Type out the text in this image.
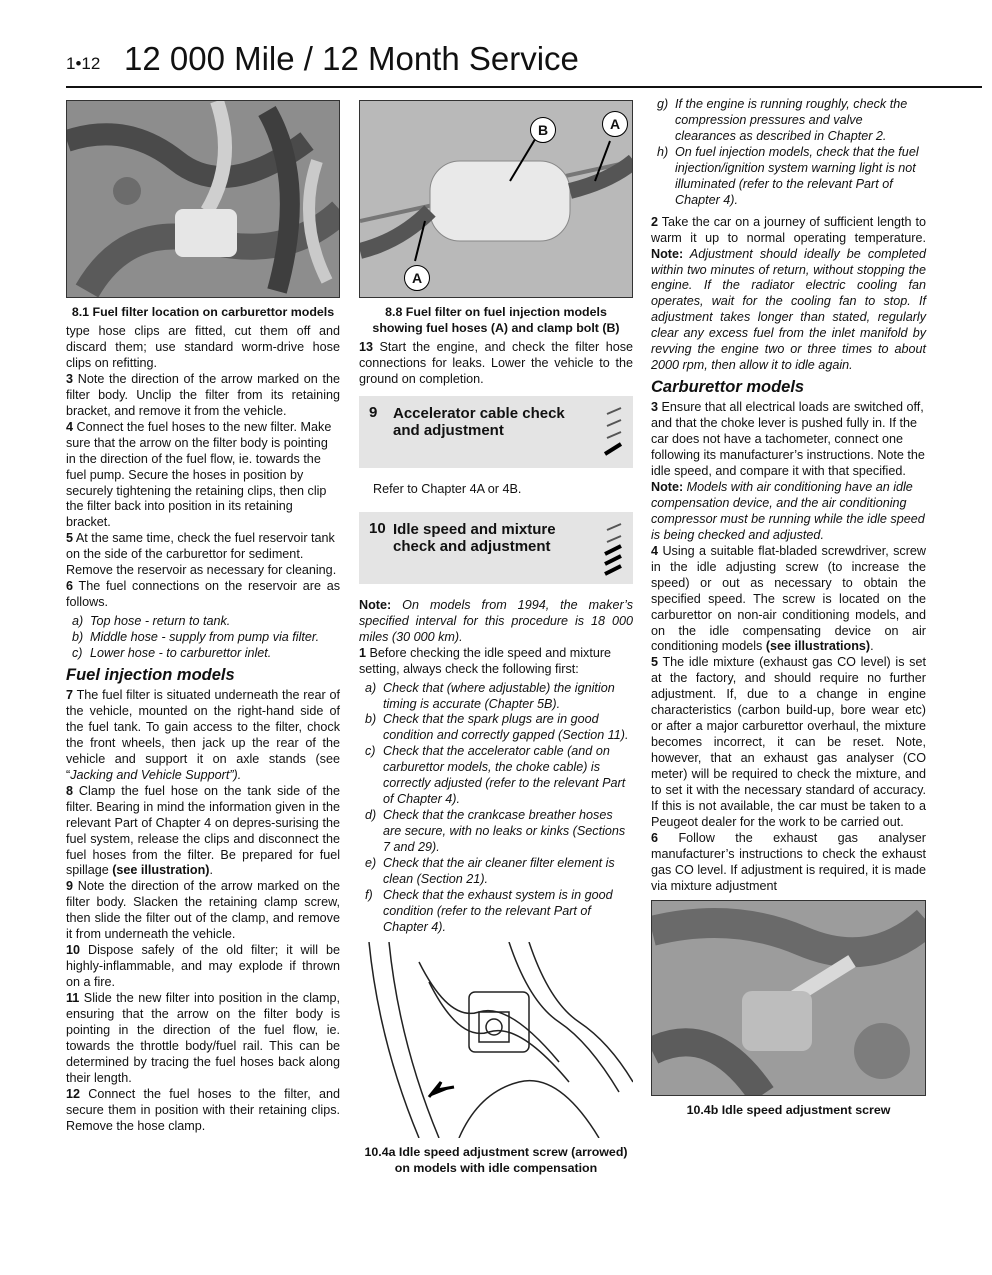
1•12 12 000 Mile / 12 Month Service
8.1 Fuel filter location on carburettor models

type hose clips are fitted, cut them off and discard them; use standard worm-drive hose clips on refitting.

3 Note the direction of the arrow marked on the filter body. Unclip the filter from its retaining bracket, and remove it from the vehicle.

4 Connect the fuel hoses to the new filter. Make sure that the arrow on the filter body is pointing in the direction of the fuel flow, ie. towards the fuel pump. Secure the hoses in position by securely tightening the retaining clips, then clip the filter back into position in its retaining bracket.

5 At the same time, check the fuel reservoir tank on the side of the carburettor for sediment. Remove the reservoir as necessary for cleaning.

6 The fuel connections on the reservoir are as follows.

a) Top hose - return to tank.
b) Middle hose - supply from pump via filter.
c) Lower hose - to carburettor inlet.
Fuel injection models

7 The fuel filter is situated underneath the rear of the vehicle, mounted on the right-hand side of the fuel tank. To gain access to the filter, chock the front wheels, then jack up the rear of the vehicle and support it on axle stands (see “Jacking and Vehicle Support”).

8 Clamp the fuel hose on the tank side of the filter. Bearing in mind the information given in the relevant Part of Chapter 4 on depres-surising the fuel system, release the clips and disconnect the fuel hoses from the filter. Be prepared for fuel spillage (see illustration).

9 Note the direction of the arrow marked on the filter body. Slacken the retaining clamp screw, then slide the filter out of the clamp, and remove it from underneath the vehicle.

10 Dispose safely of the old filter; it will be highly-inflammable, and may explode if thrown on a fire.

11 Slide the new filter into position in the clamp, ensuring that the arrow on the filter body is pointing in the direction of the fuel flow, ie. towards the throttle body/fuel rail. This can be determined by tracing the fuel hoses back along their length.

12 Connect the fuel hoses to the filter, and secure them in position with their retaining clips. Remove the hose clamp.

B	A
A
8.8 Fuel filter on fuel injection models showing fuel hoses (A) and clamp bolt (B)

13 Start the engine, and check the filter hose connections for leaks. Lower the vehicle to the ground on completion.

9 Accelerator cable check and adjustment
Refer to Chapter 4A or 4B.
10 Idle speed and mixture check and adjustment

Note: On models from 1994, the maker’s specified interval for this procedure is 18 000 miles (30 000 km).

1 Before checking the idle speed and mixture setting, always check the following first:

a) Check that (where adjustable) the ignition timing is accurate (Chapter 5B).
b) Check that the spark plugs are in good condition and correctly gapped (Section 11).
c) Check that the accelerator cable (and on carburettor models, the choke cable) is correctly adjusted (refer to the relevant Part of Chapter 4).
d) Check that the crankcase breather hoses are secure, with no leaks or kinks (Sections 7 and 29).
e) Check that the air cleaner filter element is clean (Section 21).
f) Check that the exhaust system is in good condition (refer to the relevant Part of Chapter 4).
10.4a Idle speed adjustment screw (arrowed) on models with idle compensation
g) If the engine is running roughly, check the compression pressures and valve clearances as described in Chapter 2.
h) On fuel injection models, check that the fuel injection/ignition system warning light is not illuminated (refer to the relevant Part of Chapter 4).

2 Take the car on a journey of sufficient length to warm it up to normal operating temperature. Note: Adjustment should ideally be completed within two minutes of return, without stopping the engine. If the radiator electric cooling fan operates, wait for the cooling fan to stop. If adjustment takes longer than stated, regularly clear any excess fuel from the inlet manifold by revving the engine two or three times to about 2000 rpm, then allow it to idle again.

Carburettor models

3 Ensure that all electrical loads are switched off, and that the choke lever is pushed fully in. If the car does not have a tachometer, connect one following its manufacturer’s instructions. Note the idle speed, and compare it with that specified. Note: Models with air conditioning have an idle compensation device, and the air conditioning compressor must be running while the idle speed is being checked and adjusted.

4 Using a suitable flat-bladed screwdriver, screw in the idle adjusting screw (to increase the speed) or out as necessary to obtain the specified speed. The screw is located on the carburettor on non-air conditioning models, and on the idle compensating device on air conditioning models (see illustrations).

5 The idle mixture (exhaust gas CO level) is set at the factory, and should require no further adjustment. If, due to a change in engine characteristics (carbon build-up, bore wear etc) or after a major carburettor overhaul, the mixture becomes incorrect, it can be reset. Note, however, that an exhaust gas analyser (CO meter) will be required to check the mixture, and to set it with the necessary standard of accuracy. If this is not available, the car must be taken to a Peugeot dealer for the work to be carried out.

6 Follow the exhaust gas analyser manufacturer’s instructions to check the exhaust gas CO level. If adjustment is required, it is made via mixture adjustment

10.4b Idle speed adjustment screw
